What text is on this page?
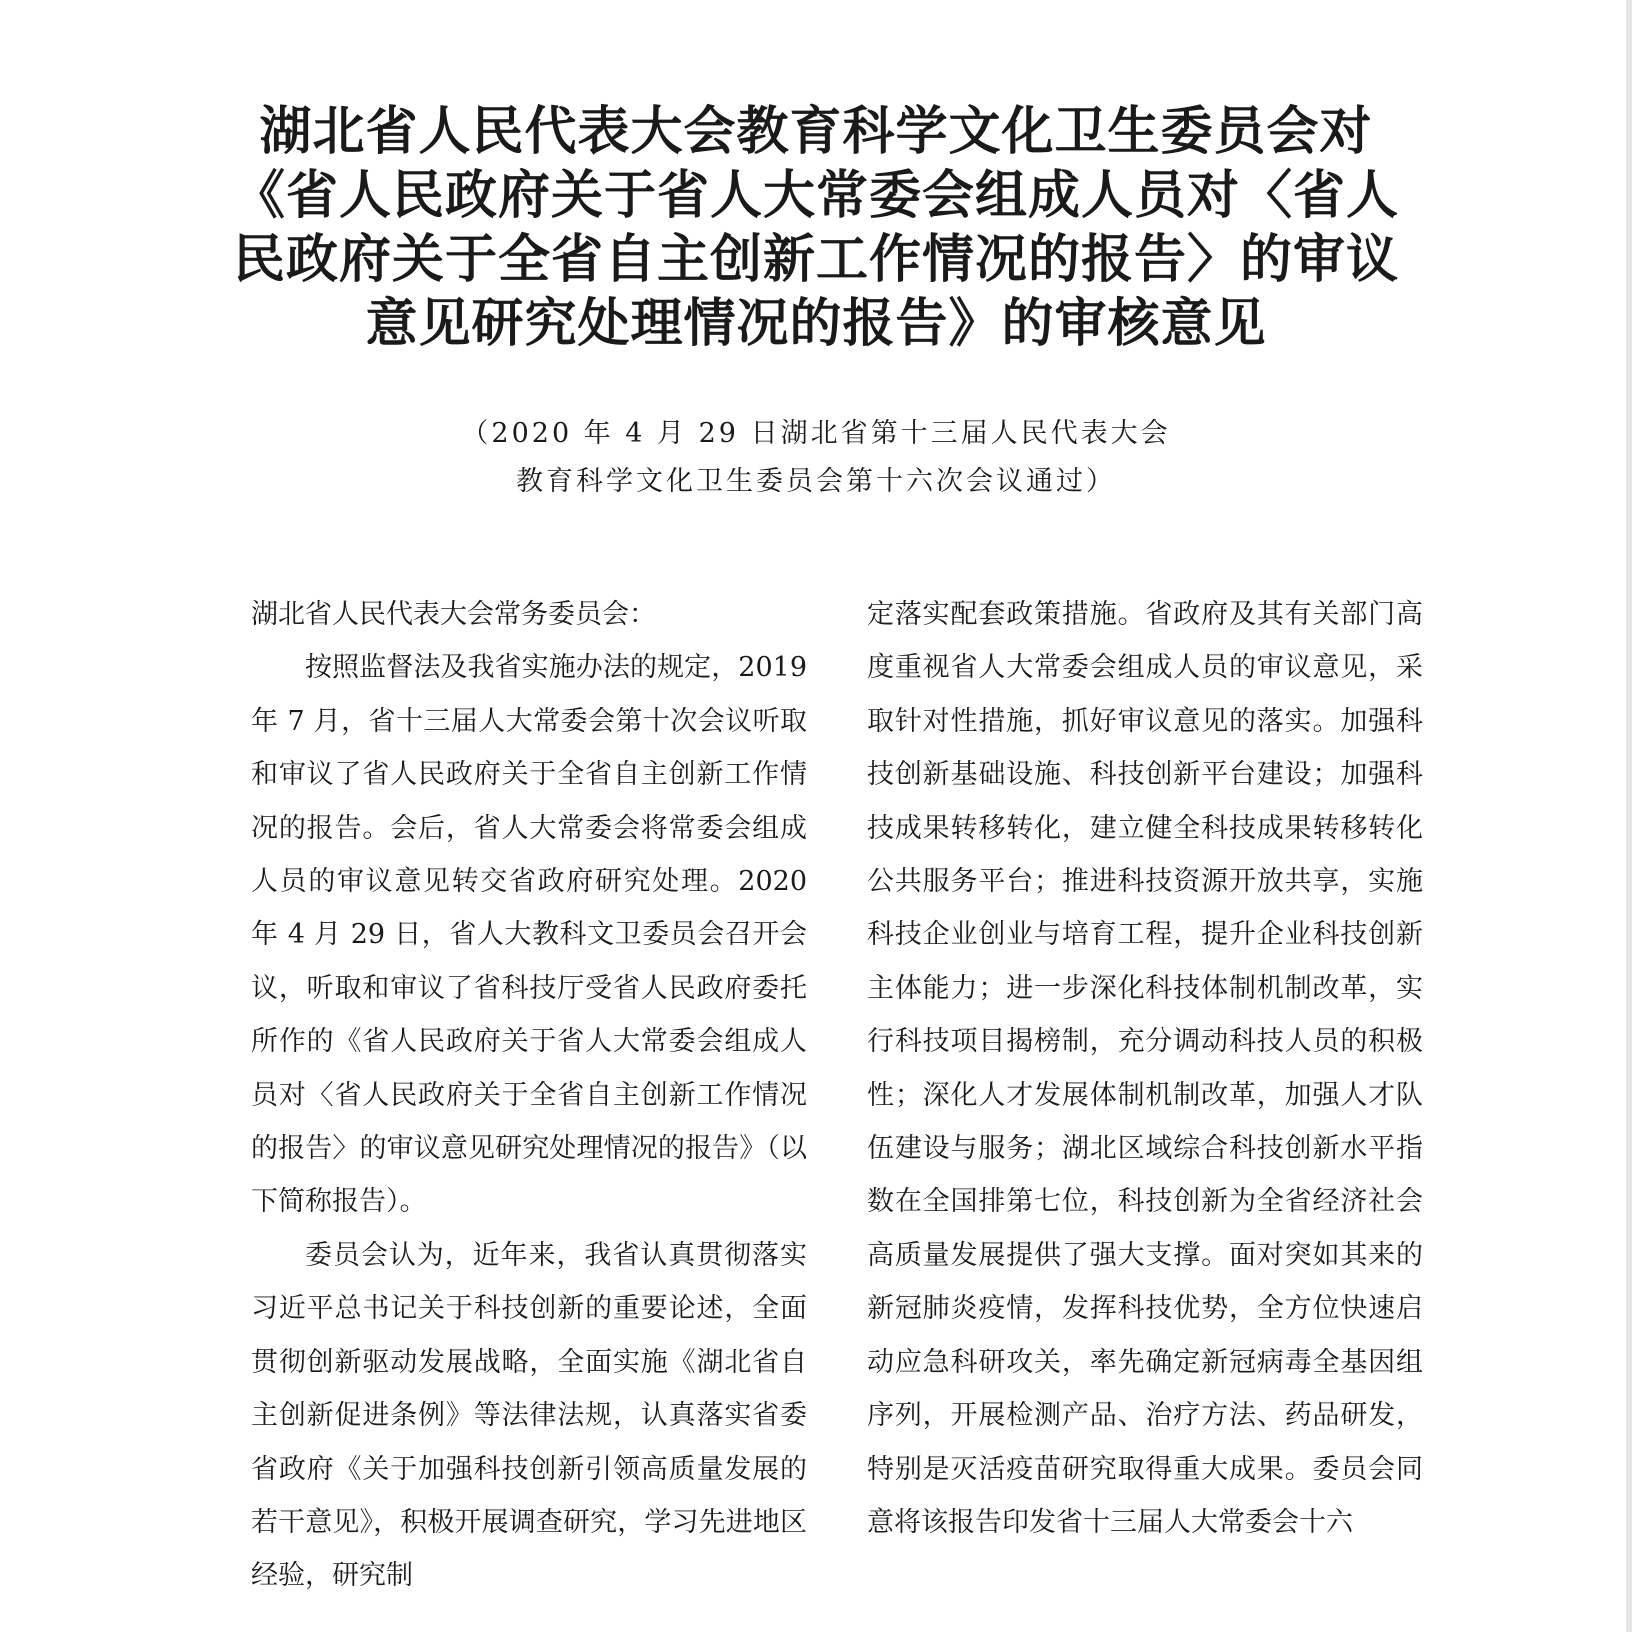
湖北省人民代表大会教育科学文化卫生委员会对
《省人民政府关于省人大常委会组成人员对〈省人
民政府关于全省自主创新工作情况的报告〉的审议
意见研究处理情况的报告》的审核意见
（2020 年 4 月 29 日湖北省第十三届人民代表大会
教育科学文化卫生委员会第十六次会议通过）

湖北省人民代表大会常务委员会：

按照监督法及我省实施办法的规定，2019 年 7 月，省十三届人大常委会第十次会议听取和审议了省人民政府关于全省自主创新工作情况的报告。会后，省人大常委会将常委会组成人员的审议意见转交省政府研究处理。2020 年 4 月 29 日，省人大教科文卫委员会召开会议，听取和审议了省科技厅受省人民政府委托所作的《省人民政府关于省人大常委会组成人员对〈省人民政府关于全省自主创新工作情况的报告〉的审议意见研究处理情况的报告》（以下简称报告）。

委员会认为，近年来，我省认真贯彻落实习近平总书记关于科技创新的重要论述，全面贯彻创新驱动发展战略，全面实施《湖北省自主创新促进条例》等法律法规，认真落实省委省政府《关于加强科技创新引领高质量发展的若干意见》，积极开展调查研究，学习先进地区经验，研究制

定落实配套政策措施。省政府及其有关部门高度重视省人大常委会组成人员的审议意见，采取针对性措施，抓好审议意见的落实。加强科技创新基础设施、科技创新平台建设；加强科技成果转移转化，建立健全科技成果转移转化公共服务平台；推进科技资源开放共享，实施科技企业创业与培育工程，提升企业科技创新主体能力；进一步深化科技体制机制改革，实行科技项目揭榜制，充分调动科技人员的积极性；深化人才发展体制机制改革，加强人才队伍建设与服务；湖北区域综合科技创新水平指数在全国排第七位，科技创新为全省经济社会高质量发展提供了强大支撑。面对突如其来的新冠肺炎疫情，发挥科技优势，全方位快速启动应急科研攻关，率先确定新冠病毒全基因组序列，开展检测产品、治疗方法、药品研发，特别是灭活疫苗研究取得重大成果。委员会同意将该报告印发省十三届人大常委会十六
